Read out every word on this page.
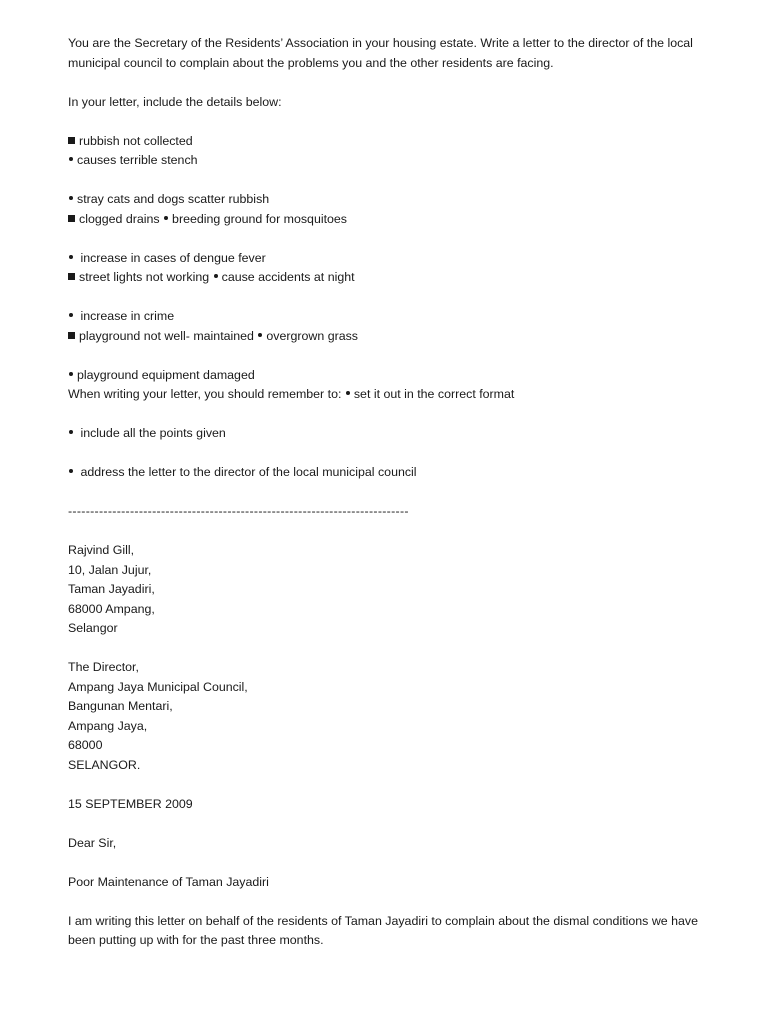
You are the Secretary of the Residents’ Association in your housing estate. Write a letter to the director of the local municipal council to complain about the problems you and the other residents are facing.
In your letter, include the details below:
rubbish not collected
causes terrible stench
stray cats and dogs scatter rubbish
clogged drains breeding ground for mosquitoes
increase in cases of dengue fever
street lights not working cause accidents at night
increase in crime
playground not well- maintained overgrown grass
playground equipment damaged
When writing your letter, you should remember to: set it out in the correct format
include all the points given
address the letter to the director of the local municipal council
-----------------------------------------------------------------------------
Rajvind Gill,
10, Jalan Jujur,
Taman Jayadiri,
68000 Ampang,
Selangor
The Director,
Ampang Jaya Municipal Council,
Bangunan Mentari,
Ampang Jaya,
68000
SELANGOR.
15 SEPTEMBER 2009
Dear Sir,
Poor Maintenance of Taman Jayadiri
I am writing this letter on behalf of the residents of Taman Jayadiri to complain about the dismal conditions we have been putting up with for the past three months.
